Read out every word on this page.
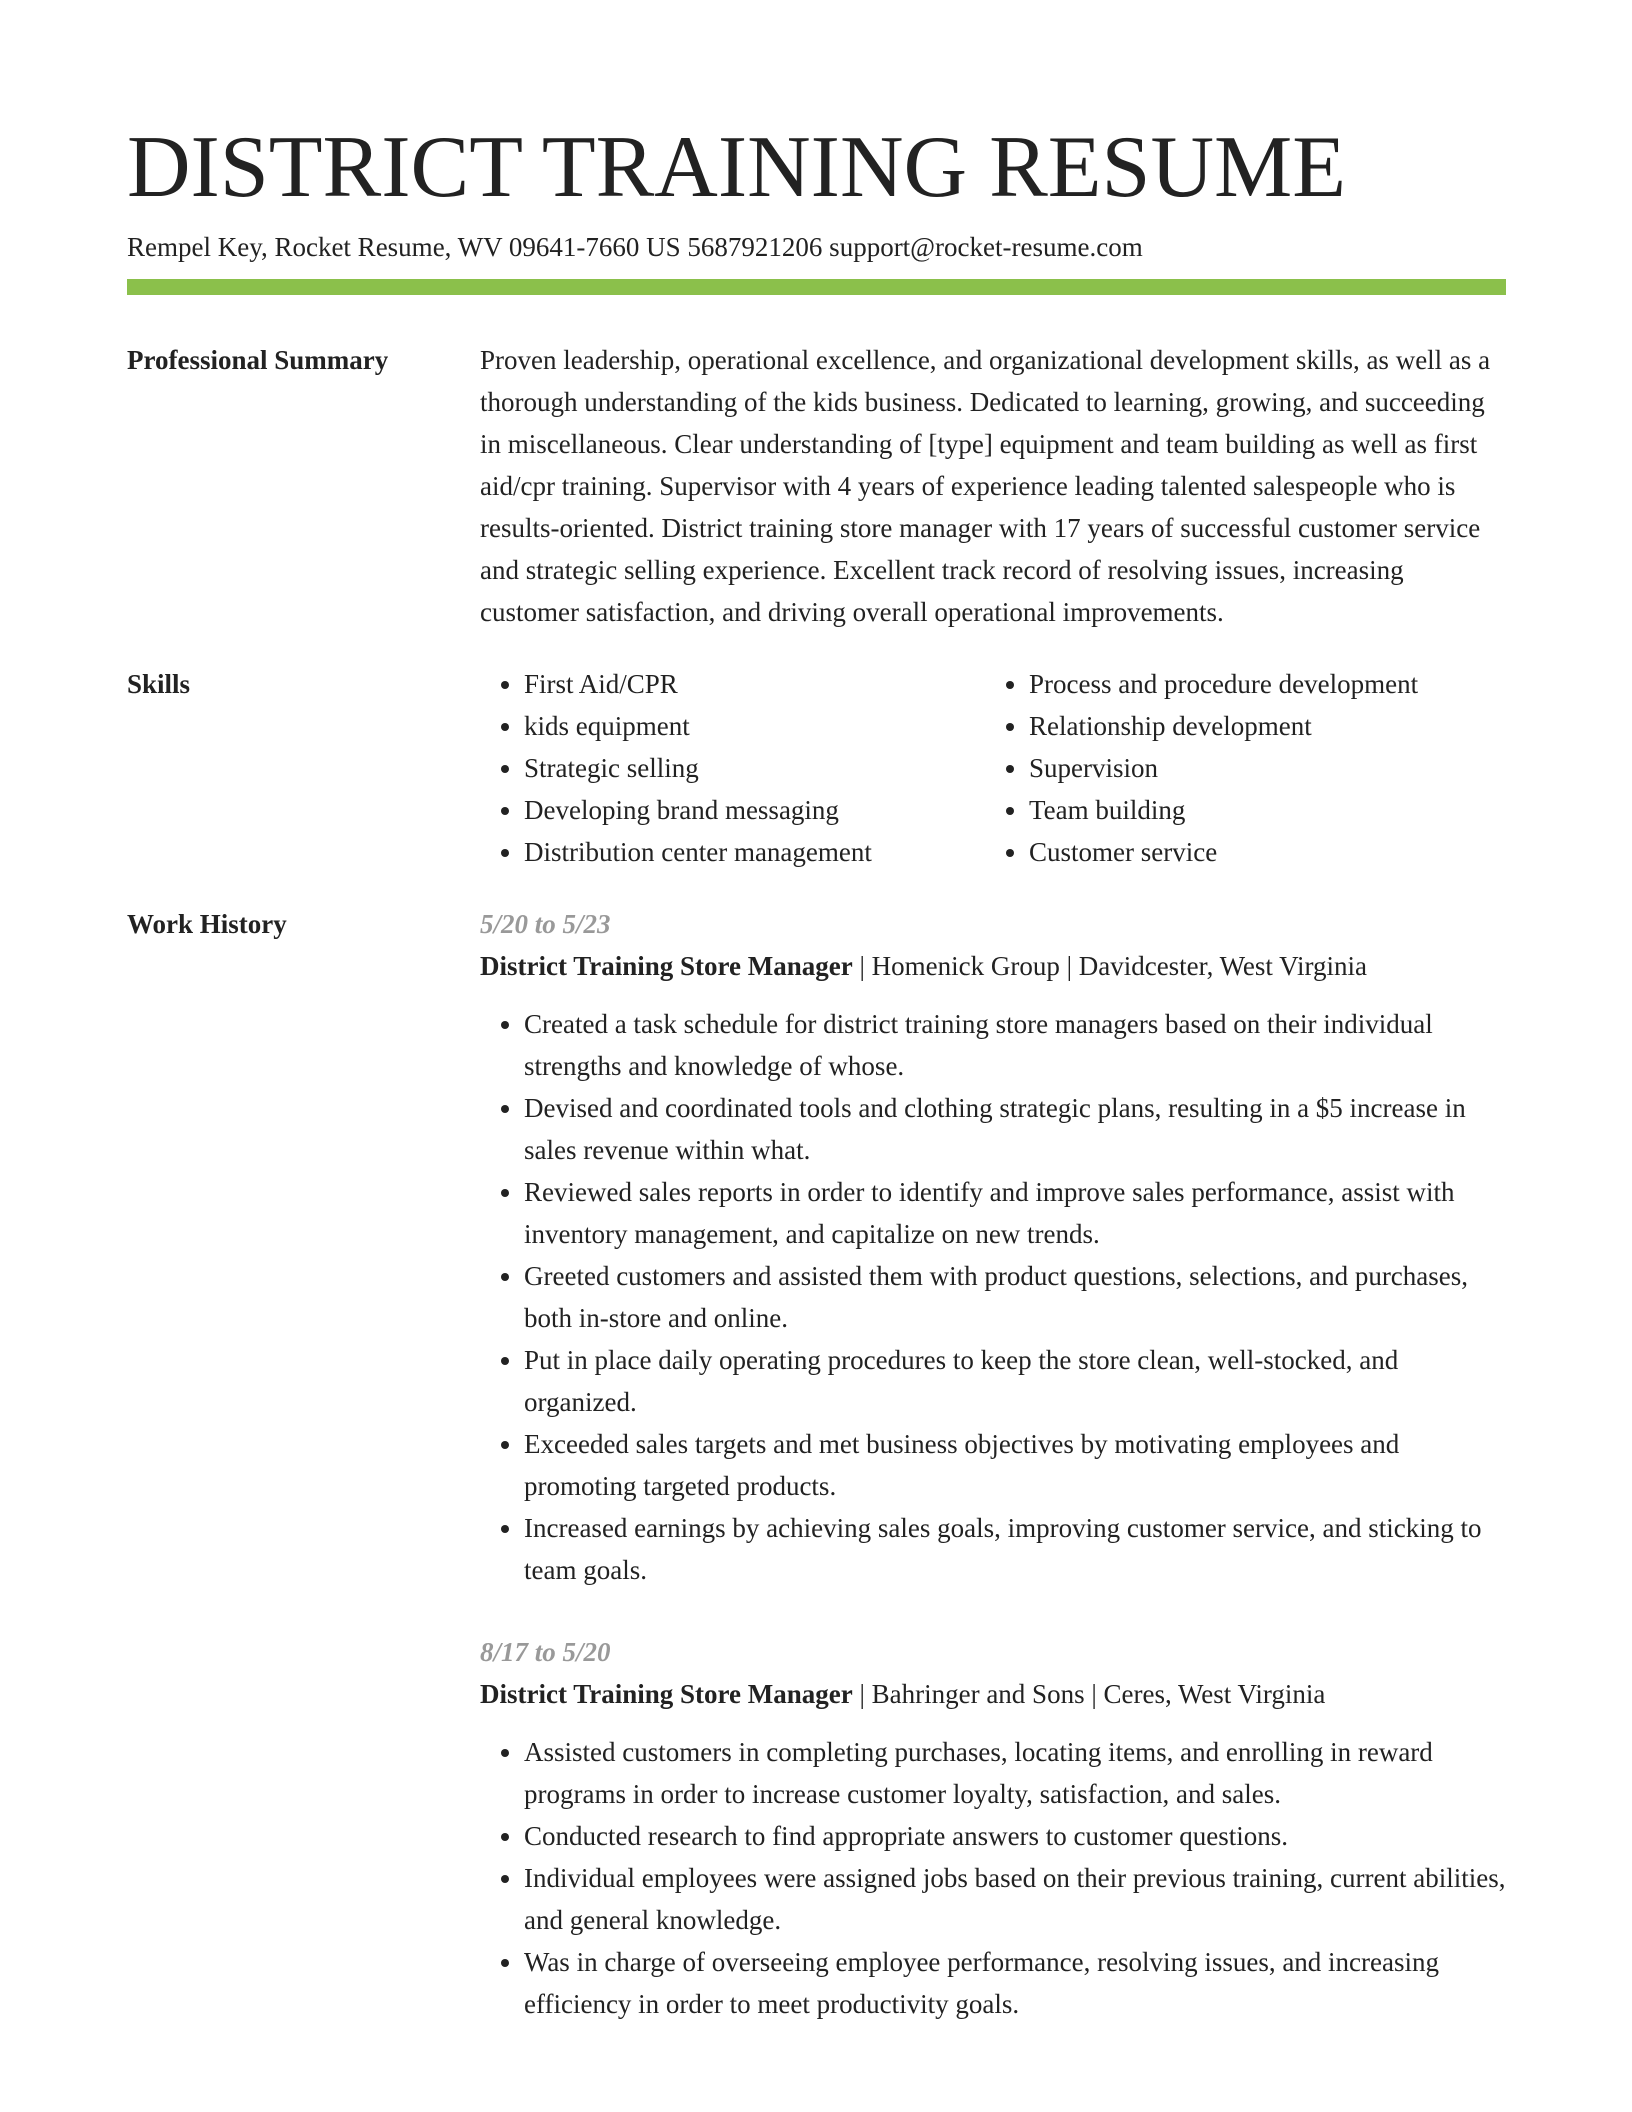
DISTRICT TRAINING RESUME
Rempel Key, Rocket Resume, WV 09641-7660 US 5687921206 support@rocket-resume.com
Professional Summary	Proven leadership, operational excellence, and organizational development skills, as well as a thorough understanding of the kids business. Dedicated to learning, growing, and succeeding in miscellaneous. Clear understanding of [type] equipment and team building as well as first aid/cpr training. Supervisor with 4 years of experience leading talented salespeople who is results-oriented. District training store manager with 17 years of successful customer service and strategic selling experience. Excellent track record of resolving issues, increasing customer satisfaction, and driving overall operational improvements.

Skills
•	First Aid/CPR
• kids equipment
• Strategic selling
• Developing brand messaging
• Distribution center management
• Process and procedure development
• Relationship development
• Supervision
• Team building
• Customer service
Work History	5/20 to 5/23
District Training Store Manager | Homenick Group | Davidcester, West Virginia
• Created a task schedule for district training store managers based on their individual strengths and knowledge of whose.
• Devised and coordinated tools and clothing strategic plans, resulting in a $5 increase in sales revenue within what.
• Reviewed sales reports in order to identify and improve sales performance, assist with inventory management, and capitalize on new trends.
• Greeted customers and assisted them with product questions, selections, and purchases, both in-store and online.
• Put in place daily operating procedures to keep the store clean, well-stocked, and organized.
• Exceeded sales targets and met business objectives by motivating employees and promoting targeted products.
• Increased earnings by achieving sales goals, improving customer service, and sticking to team goals.
8/17 to 5/20
District Training Store Manager | Bahringer and Sons | Ceres, West Virginia
• Assisted customers in completing purchases, locating items, and enrolling in reward programs in order to increase customer loyalty, satisfaction, and sales.
• Conducted research to find appropriate answers to customer questions.
• Individual employees were assigned jobs based on their previous training, current abilities, and general knowledge.
• Was in charge of overseeing employee performance, resolving issues, and increasing efficiency in order to meet productivity goals.
